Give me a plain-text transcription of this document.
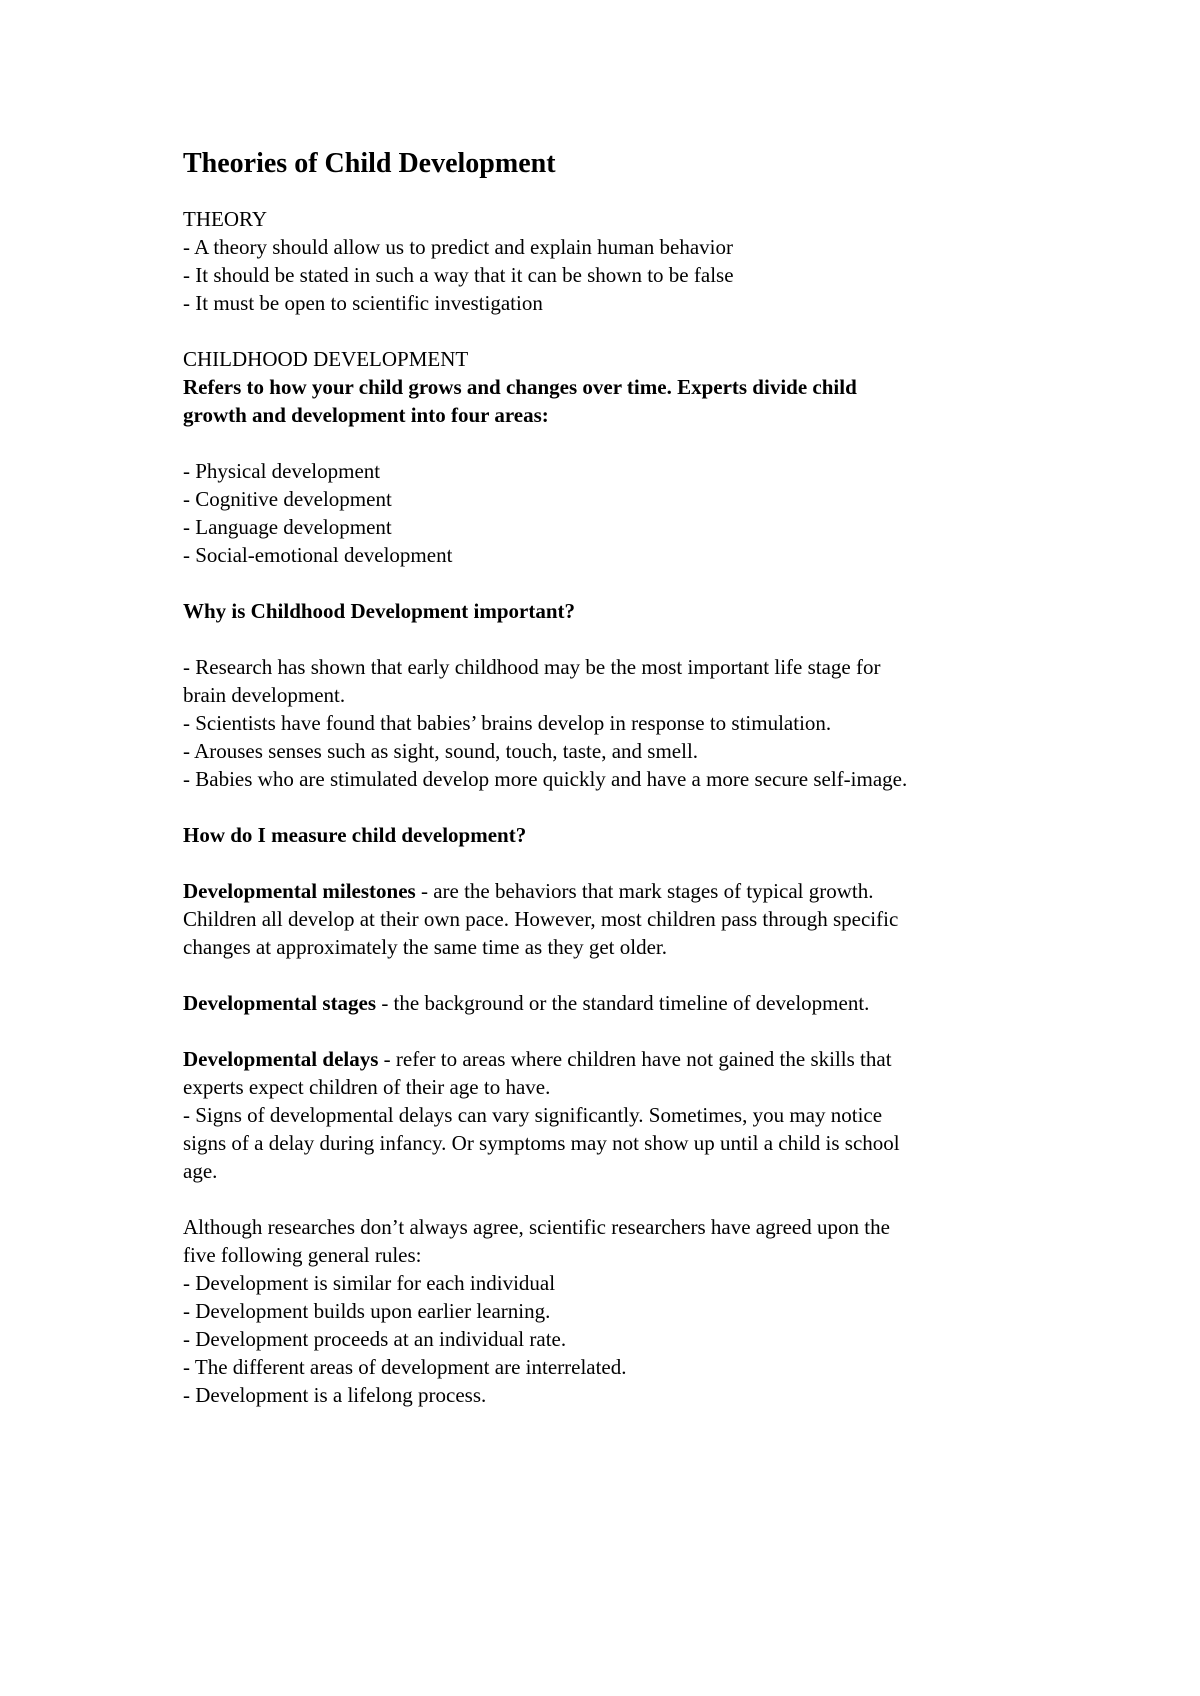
Theories of Child Development
THEORY
- A theory should allow us to predict and explain human behavior
- It should be stated in such a way that it can be shown to be false
- It must be open to scientific investigation
CHILDHOOD DEVELOPMENT
Refers to how your child grows and changes over time. Experts divide child
growth and development into four areas:
- Physical development
- Cognitive development
- Language development
- Social-emotional development
Why is Childhood Development important?
- Research has shown that early childhood may be the most important life stage for
brain development.
- Scientists have found that babies’ brains develop in response to stimulation.
- Arouses senses such as sight, sound, touch, taste, and smell.
- Babies who are stimulated develop more quickly and have a more secure self-image.
How do I measure child development?
Developmental milestones - are the behaviors that mark stages of typical growth.
Children all develop at their own pace. However, most children pass through specific
changes at approximately the same time as they get older.
Developmental stages - the background or the standard timeline of development.
Developmental delays - refer to areas where children have not gained the skills that
experts expect children of their age to have.
- Signs of developmental delays can vary significantly. Sometimes, you may notice
signs of a delay during infancy. Or symptoms may not show up until a child is school
age.
Although researches don’t always agree, scientific researchers have agreed upon the
five following general rules:
- Development is similar for each individual
- Development builds upon earlier learning.
- Development proceeds at an individual rate.
- The different areas of development are interrelated.
- Development is a lifelong process.
